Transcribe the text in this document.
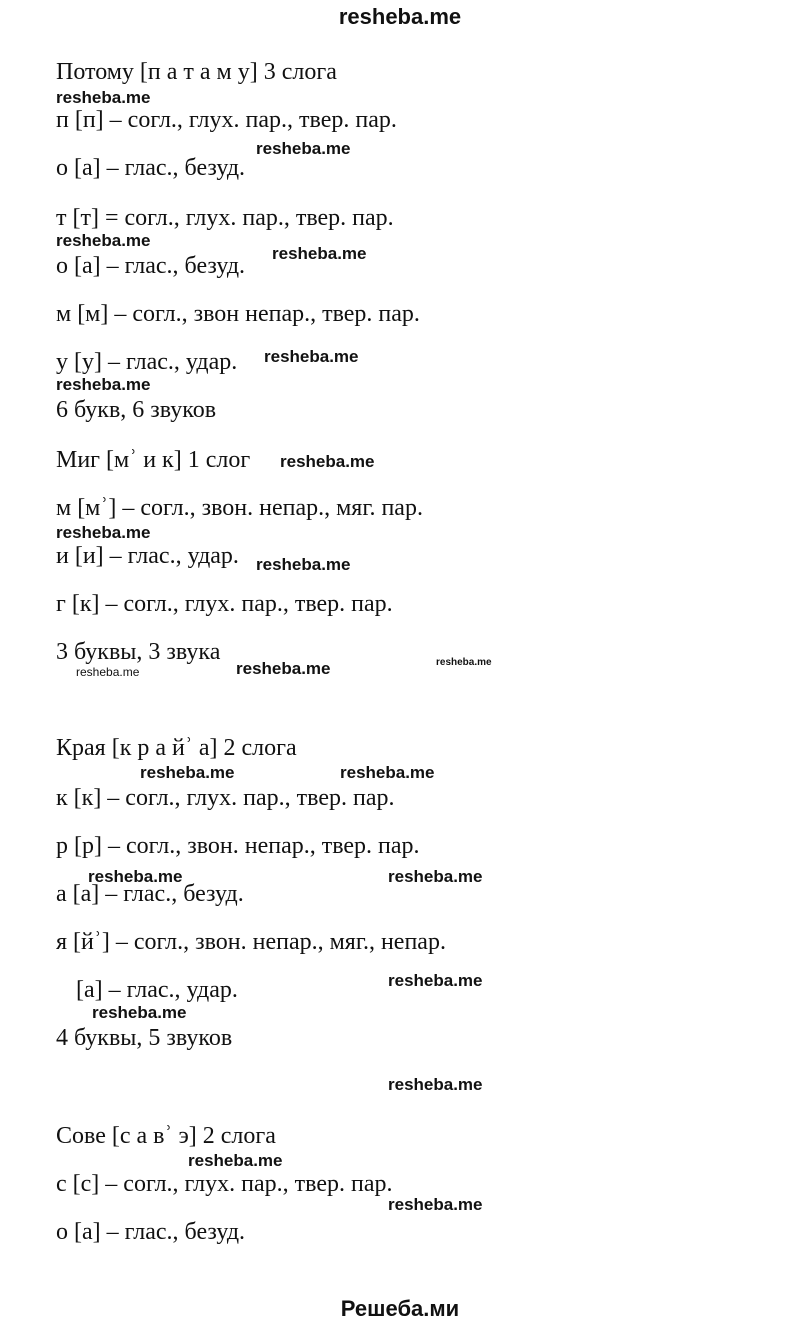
resheba.me
Потому [п а т а м у] 3 слога
п [п] – согл., глух. пар., твер. пар.
о [а] – глас., безуд.
т [т] = согл., глух. пар., твер. пар.
о [а] – глас., безуд.
м [м] – согл., звон непар., твер. пар.
у [у] – глас., удар.
6 букв, 6 звуков
Миг [мʾ и к] 1 слог
м [мʾ] – согл., звон. непар., мяг. пар.
и [и] – глас., удар.
г [к] – согл., глух. пар., твер. пар.
3 буквы, 3 звука
Края [к р а йʾ а] 2 слога
к [к] – согл., глух. пар., твер. пар.
р [р] – согл., звон. непар., твер. пар.
а [а] – глас., безуд.
я [йʾ] – согл., звон. непар., мяг., непар.
[а] – глас., удар.
4 буквы, 5 звуков
Сове [с а вʾ э] 2 слога
с [с] – согл., глух. пар., твер. пар.
о [а] – глас., безуд.
resheba.me
resheba.me
resheba.me
resheba.me
resheba.me
resheba.me
resheba.me
resheba.me
resheba.me
resheba.me	resheba.me	resheba.me
resheba.me	resheba.me
resheba.me	resheba.me
resheba.me
resheba.me
resheba.me
resheba.me
resheba.me
Решеба.ми
